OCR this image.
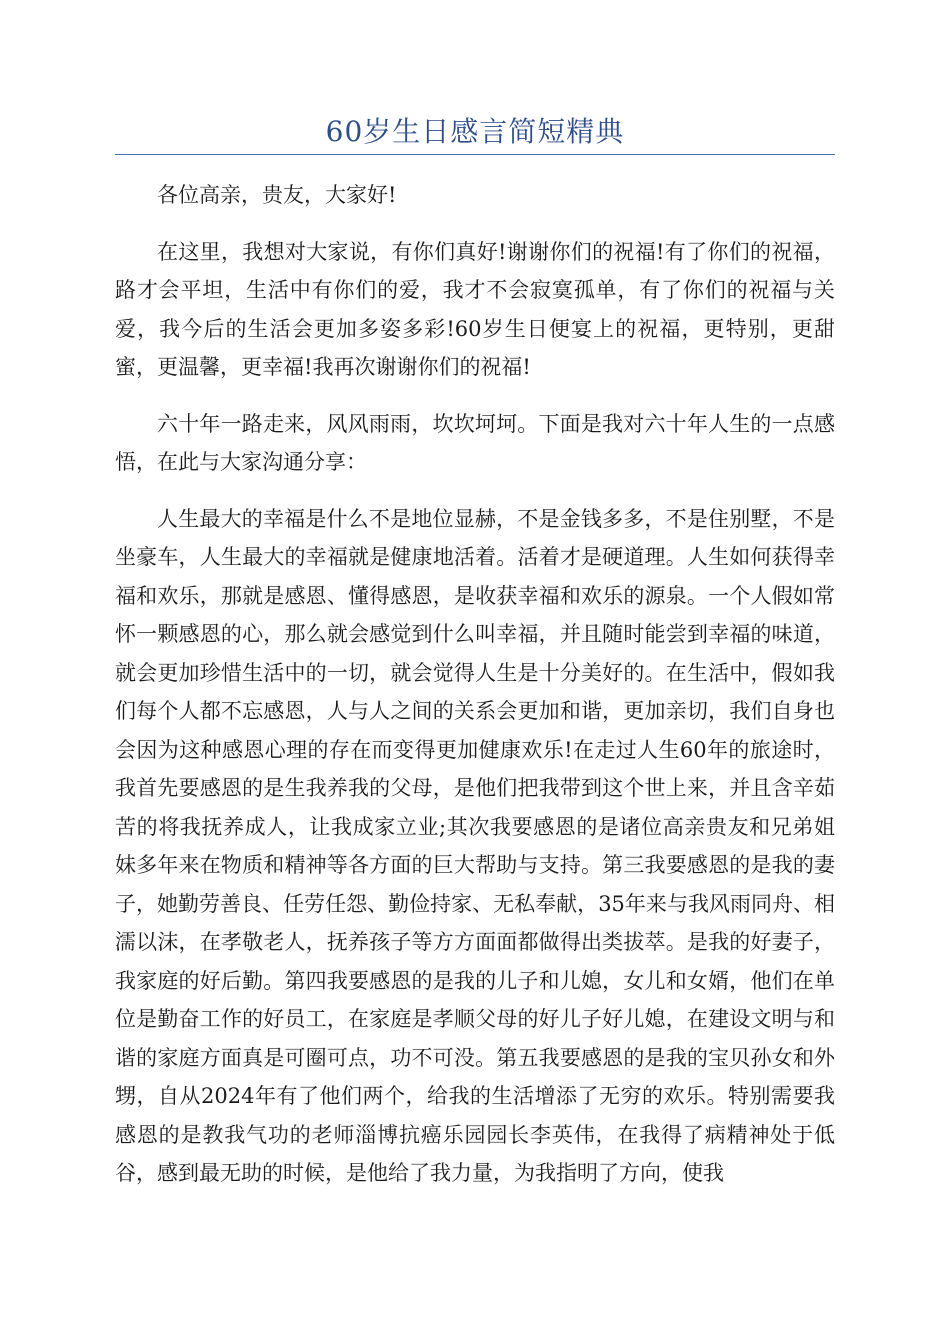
60岁生日感言简短精典

各位高亲，贵友，大家好!

在这里，我想对大家说，有你们真好!谢谢你们的祝福!有了你们的祝福，路才会平坦，生活中有你们的爱，我才不会寂寞孤单，有了你们的祝福与关爱，我今后的生活会更加多姿多彩!60岁生日便宴上的祝福，更特别，更甜蜜，更温馨，更幸福!我再次谢谢你们的祝福!

六十年一路走来，风风雨雨，坎坎坷坷。下面是我对六十年人生的一点感悟，在此与大家沟通分享：

人生最大的幸福是什么不是地位显赫，不是金钱多多，不是住别墅，不是坐豪车，人生最大的幸福就是健康地活着。活着才是硬道理。人生如何获得幸福和欢乐，那就是感恩、懂得感恩，是收获幸福和欢乐的源泉。一个人假如常怀一颗感恩的心，那么就会感觉到什么叫幸福，并且随时能尝到幸福的味道，就会更加珍惜生活中的一切，就会觉得人生是十分美好的。在生活中，假如我们每个人都不忘感恩，人与人之间的关系会更加和谐，更加亲切，我们自身也会因为这种感恩心理的存在而变得更加健康欢乐!在走过人生60年的旅途时，我首先要感恩的是生我养我的父母，是他们把我带到这个世上来，并且含辛茹苦的将我抚养成人，让我成家立业;其次我要感恩的是诸位高亲贵友和兄弟姐妹多年来在物质和精神等各方面的巨大帮助与支持。第三我要感恩的是我的妻子，她勤劳善良、任劳任怨、勤俭持家、无私奉献，35年来与我风雨同舟、相濡以沫，在孝敬老人，抚养孩子等方方面面都做得出类拔萃。是我的好妻子，我家庭的好后勤。第四我要感恩的是我的儿子和儿媳，女儿和女婿，他们在单位是勤奋工作的好员工，在家庭是孝顺父母的好儿子好儿媳，在建设文明与和谐的家庭方面真是可圈可点，功不可没。第五我要感恩的是我的宝贝孙女和外甥，自从2024年有了他们两个，给我的生活增添了无穷的欢乐。特别需要我感恩的是教我气功的老师淄博抗癌乐园园长李英伟，在我得了病精神处于低谷，感到最无助的时候，是他给了我力量，为我指明了方向，使我
